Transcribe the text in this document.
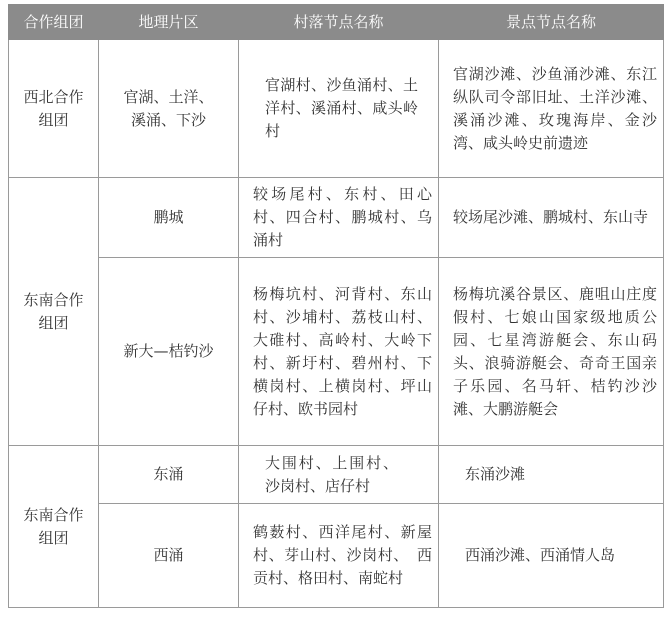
合作组团	地理片区	村落节点名称	景点节点名称
西北合作组团	官湖、土洋、溪涌、下沙	官湖村、沙鱼涌村、土洋村、溪涌村、咸头岭村	官湖沙滩、沙鱼涌沙滩、东江纵队司令部旧址、土洋沙滩、溪涌沙滩、玫瑰海岸、金沙湾、咸头岭史前遗迹
东南合作组团	鹏城	较场尾村、东村、田心村、四合村、鹏城村、乌涌村	较场尾沙滩、鹏城村、东山寺
	新大—桔钓沙	杨梅坑村、河背村、东山村、沙埔村、荔枝山村、大碓村、高岭村、大岭下村、新圩村、碧州村、下横岗村、上横岗村、坪山仔村、欧书园村	杨梅坑溪谷景区、鹿咀山庄度假村、七娘山国家级地质公园、七星湾游艇会、东山码头、浪骑游艇会、奇奇王国亲子乐园、名马轩、桔钓沙沙滩、大鹏游艇会
东南合作组团	东涌	大围村、上围村、沙岗村、店仔村	东涌沙滩
	西涌	鹤薮村、西洋尾村、新屋村、芽山村、沙岗村、　西贡村、格田村、南蛇村	西涌沙滩、西涌情人岛
